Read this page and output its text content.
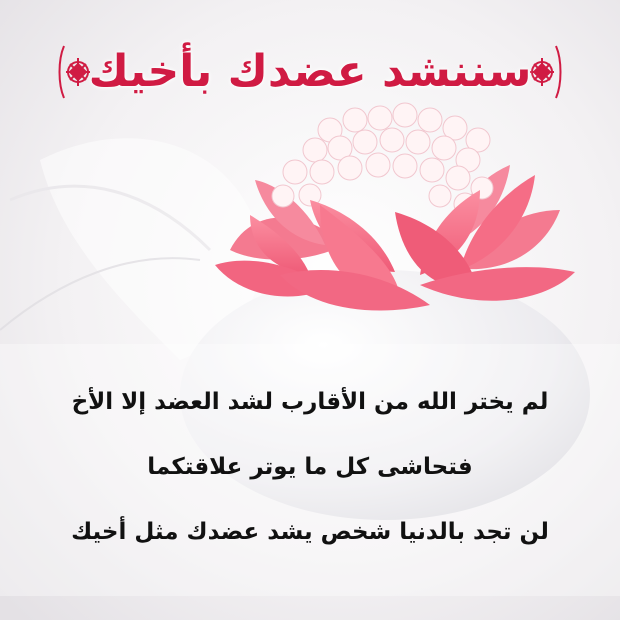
سننشد عضدك بأخيك
لم يختر الله من الأقارب لشد العضد إلا الأخ
فتحاشى كل ما يوتر علاقتكما
لن تجد بالدنيا شخص يشد عضدك مثل أخيك
